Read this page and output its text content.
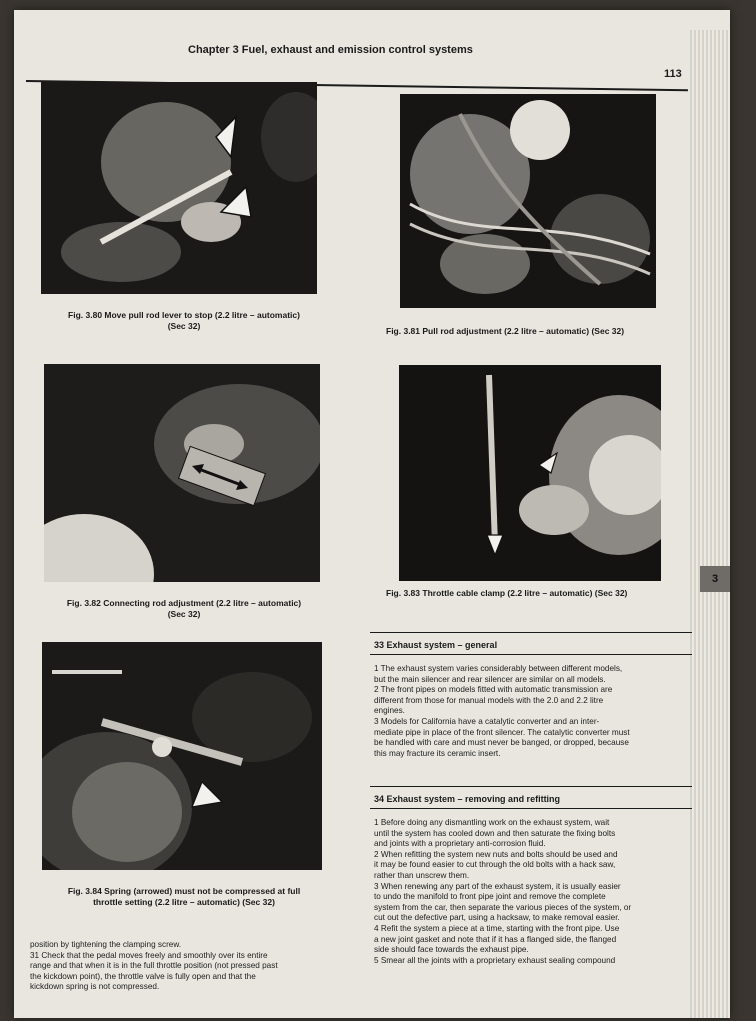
Chapter 3 Fuel, exhaust and emission control systems
113
Fig. 3.80 Move pull rod lever to stop (2.2 litre – automatic)
(Sec 32)	Fig. 3.81 Pull rod adjustment (2.2 litre – automatic) (Sec 32)
Fig. 3.82 Connecting rod adjustment (2.2 litre – automatic)
(Sec 32)
Fig. 3.83 Throttle cable clamp (2.2 litre – automatic) (Sec 32)
3
Fig. 3.84 Spring (arrowed) must not be compressed at full
throttle setting (2.2 litre – automatic) (Sec 32)

position by tightening the clamping screw.

31 Check that the pedal moves freely and smoothly over its entire

range and that when it is in the full throttle position (not pressed past

the kickdown point), the throttle valve is fully open and that the

kickdown spring is not compressed.

33 Exhaust system – general

1 The exhaust system varies considerably between different models,

but the main silencer and rear silencer are similar on all models.

2 The front pipes on models fitted with automatic transmission are

different from those for manual models with the 2.0 and 2.2 litre

engines.

3 Models for California have a catalytic converter and an inter-

mediate pipe in place of the front silencer. The catalytic converter must

be handled with care and must never be banged, or dropped, because

this may fracture its ceramic insert.

34 Exhaust system – removing and refitting

1 Before doing any dismantling work on the exhaust system, wait

until the system has cooled down and then saturate the fixing bolts

and joints with a proprietary anti-corrosion fluid.

2 When refitting the system new nuts and bolts should be used and

it may be found easier to cut through the old bolts with a hack saw,

rather than unscrew them.

3 When renewing any part of the exhaust system, it is usually easier

to undo the manifold to front pipe joint and remove the complete

system from the car, then separate the various pieces of the system, or

cut out the defective part, using a hacksaw, to make removal easier.

4 Refit the system a piece at a time, starting with the front pipe. Use

a new joint gasket and note that if it has a flanged side, the flanged

side should face towards the exhaust pipe.

5 Smear all the joints with a proprietary exhaust sealing compound
